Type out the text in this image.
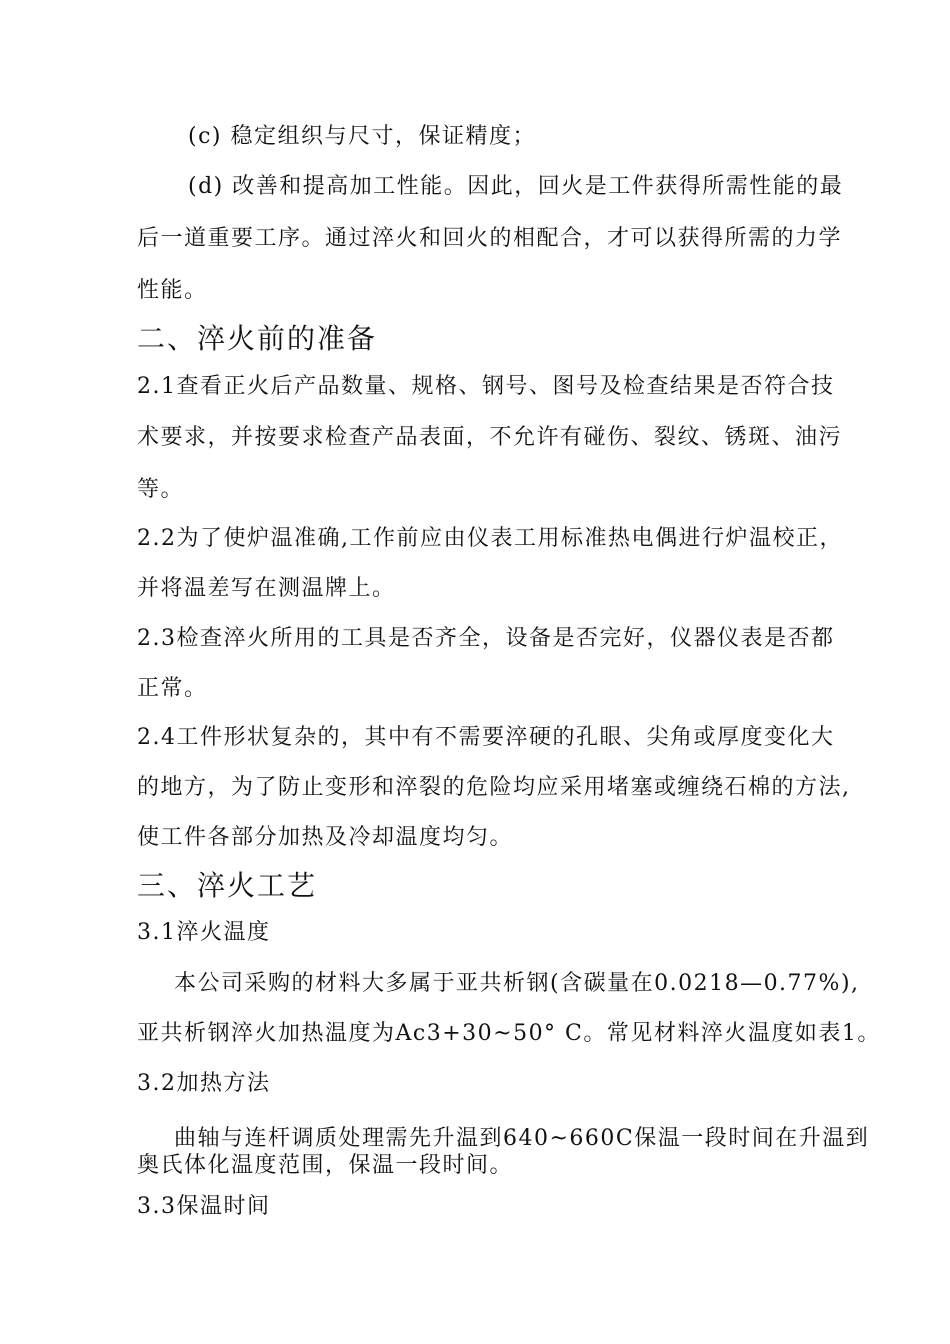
(c) 稳定组织与尺寸，保证精度；
(d) 改善和提高加工性能。因此，回火是工件获得所需性能的最
后一道重要工序。通过淬火和回火的相配合，才可以获得所需的力学
性能。
二、淬火前的准备
2.1查看正火后产品数量、规格、钢号、图号及检查结果是否符合技
术要求，并按要求检查产品表面，不允许有碰伤、裂纹、锈斑、油污
等。
2.2为了使炉温准确,工作前应由仪表工用标准热电偶进行炉温校正，
并将温差写在测温牌上。
2.3检查淬火所用的工具是否齐全，设备是否完好，仪器仪表是否都
正常。
2.4工件形状复杂的，其中有不需要淬硬的孔眼、尖角或厚度变化大
的地方，为了防止变形和淬裂的危险均应采用堵塞或缠绕石棉的方法,
使工件各部分加热及冷却温度均匀。
三、淬火工艺
3.1淬火温度
本公司采购的材料大多属于亚共析钢(含碳量在0.0218—0.77%),
亚共析钢淬火加热温度为Ac3+30~50° C。常见材料淬火温度如表1。
3.2加热方法
曲轴与连杆调质处理需先升温到640~660C保温一段时间在升温到
奥氏体化温度范围，保温一段时间。
3.3保温时间
